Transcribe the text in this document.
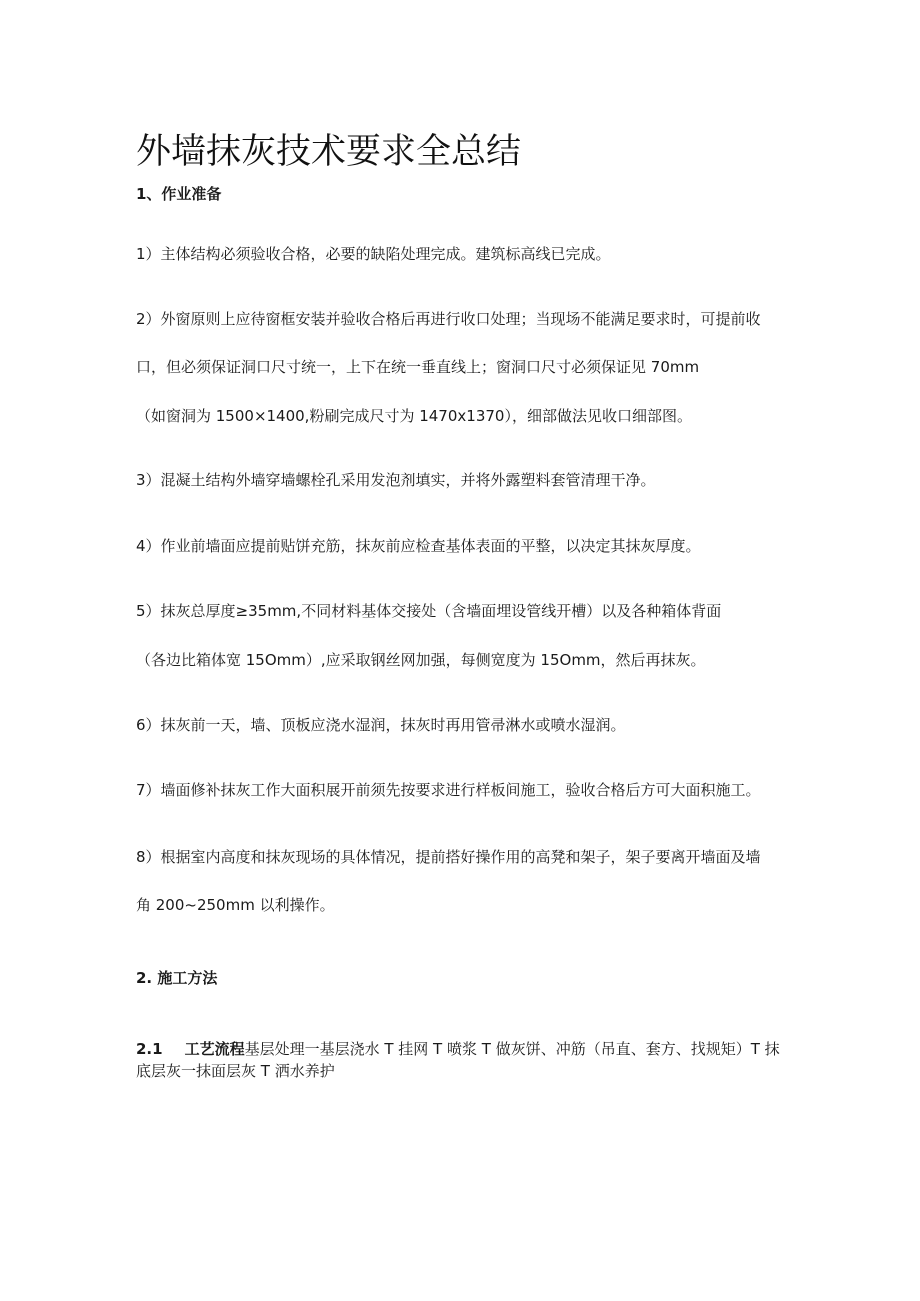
外墙抹灰技术要求全总结
1、作业准备
1）主体结构必须验收合格，必要的缺陷处理完成。建筑标高线已完成。
2）外窗原则上应待窗框安装并验收合格后再进行收口处理；当现场不能满足要求时，可提前收
口，但必须保证洞口尺寸统一，上下在统一垂直线上；窗洞口尺寸必须保证见 70mm
（如窗洞为 1500×1400,粉刷完成尺寸为 1470x1370），细部做法见收口细部图。
3）混凝土结构外墙穿墙螺栓孔采用发泡剂填实，并将外露塑料套管清理干净。
4）作业前墙面应提前贴饼充筋，抹灰前应检查基体表面的平整，以决定其抹灰厚度。
5）抹灰总厚度≥35mm,不同材料基体交接处（含墙面埋设管线开槽）以及各种箱体背面
（各边比箱体宽 15Omm）,应采取钢丝网加强，每侧宽度为 15Omm，然后再抹灰。
6）抹灰前一天，墙、顶板应浇水湿润，抹灰时再用管帚淋水或喷水湿润。
7）墙面修补抹灰工作大面积展开前须先按要求进行样板间施工，验收合格后方可大面积施工。
8）根据室内高度和抹灰现场的具体情况，提前搭好操作用的高凳和架子，架子要离开墙面及墙
角 200~250mm 以利操作。
2. 施工方法
2.1 工艺流程基层处理一基层浇水 T 挂网 T 喷浆 T 做灰饼、冲筋（吊直、套方、找规矩）T 抹
底层灰一抹面层灰 T 洒水养护
